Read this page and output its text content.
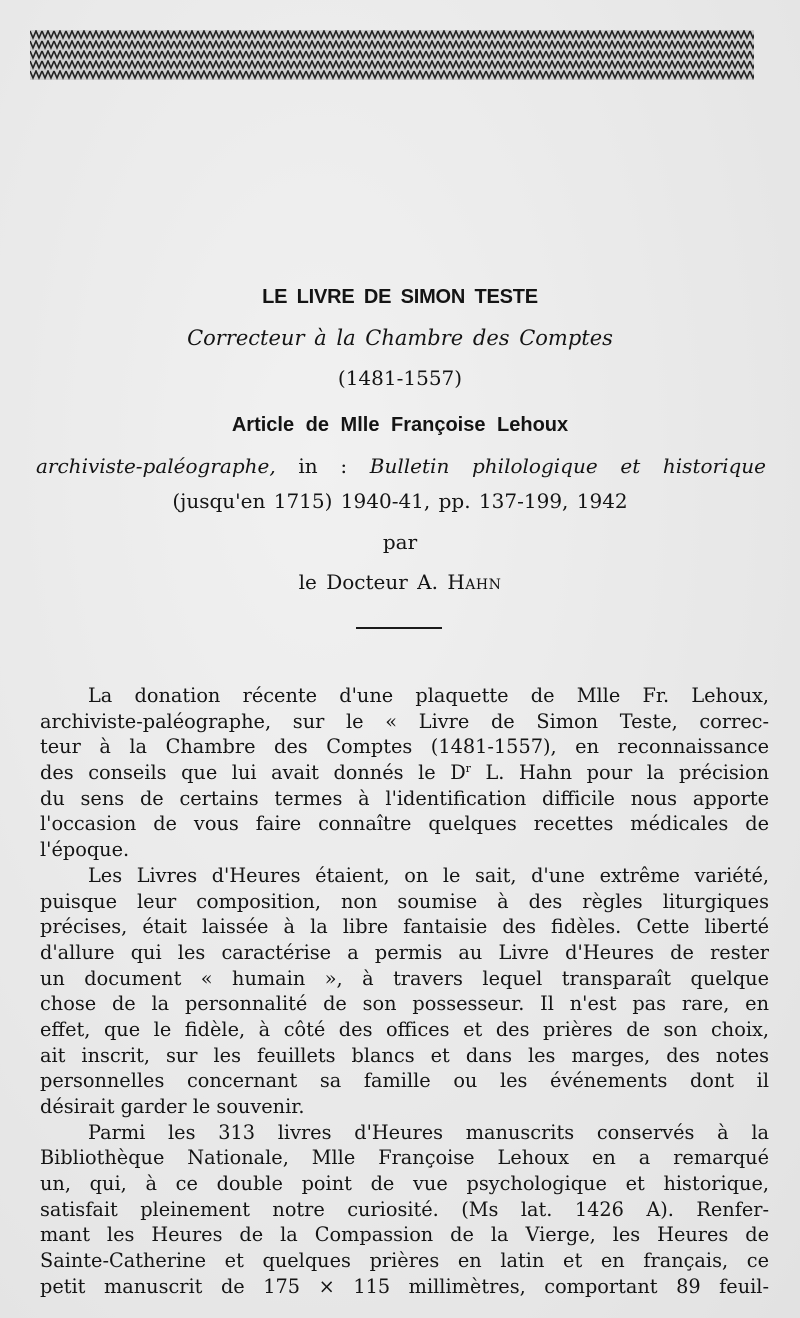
LE LIVRE DE SIMON TESTE
Correcteur à la Chambre des Comptes
(1481-1557)
Article de Mlle Françoise Lehoux
archiviste-paléographe, in : Bulletin philologique et historique
(jusqu'en 1715) 1940-41, pp. 137-199, 1942
par
le Docteur A. Hahn
La donation récente d'une plaquette de Mlle Fr. Lehoux,
archiviste-paléographe, sur le « Livre de Simon Teste, correc-
teur à la Chambre des Comptes (1481-1557), en reconnaissance
des conseils que lui avait donnés le $D^r$ L. Hahn pour la précision
du sens de certains termes à l'identification difficile nous apporte
l'occasion de vous faire connaître quelques recettes médicales de
l'époque.
Les Livres d'Heures étaient, on le sait, d'une extrême variété,
puisque leur composition, non soumise à des règles liturgiques
précises, était laissée à la libre fantaisie des fidèles. Cette liberté
d'allure qui les caractérise a permis au Livre d'Heures de rester
un document « humain », à travers lequel transparaît quelque
chose de la personnalité de son possesseur. Il n'est pas rare, en
effet, que le fidèle, à côté des offices et des prières de son choix,
ait inscrit, sur les feuillets blancs et dans les marges, des notes
personnelles concernant sa famille ou les événements dont il
désirait garder le souvenir.
Parmi les 313 livres d'Heures manuscrits conservés à la
Bibliothèque Nationale, Mlle Françoise Lehoux en a remarqué
un, qui, à ce double point de vue psychologique et historique,
satisfait pleinement notre curiosité. (Ms lat. 1426 A). Renfer-
mant les Heures de la Compassion de la Vierge, les Heures de
Sainte-Catherine et quelques prières en latin et en français, ce
petit manuscrit de 175 × 115 millimètres, comportant 89 feuil-
